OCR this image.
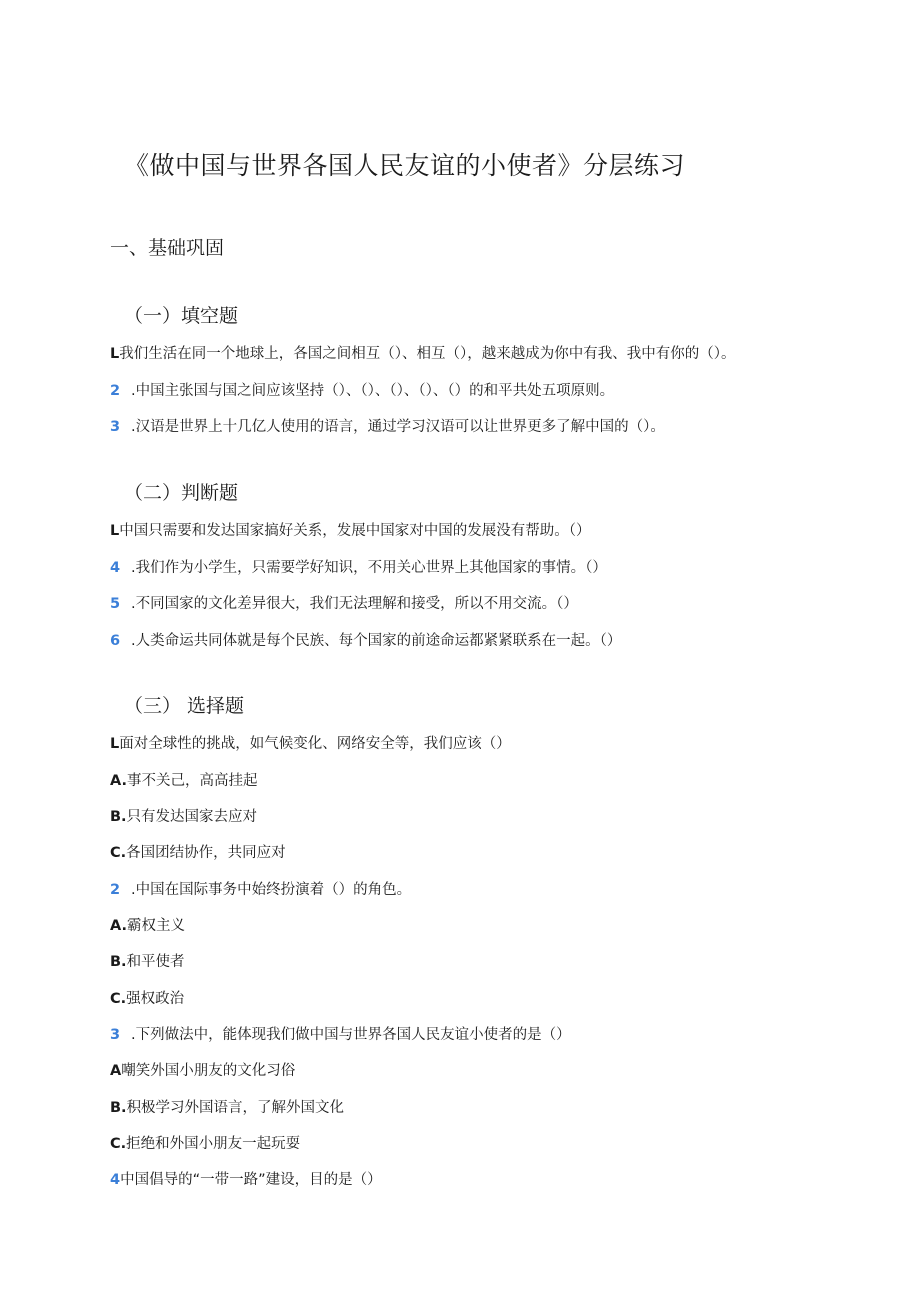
《做中国与世界各国人民友谊的小使者》分层练习
一、基础巩固
（一）填空题
L我们生活在同一个地球上，各国之间相互（）、相互（），越来越成为你中有我、我中有你的（）。
2 .中国主张国与国之间应该坚持（）、（）、（）、（）、（）的和平共处五项原则。
3 .汉语是世界上十几亿人使用的语言，通过学习汉语可以让世界更多了解中国的（）。
（二）判断题
L中国只需要和发达国家搞好关系，发展中国家对中国的发展没有帮助。（）
4 .我们作为小学生，只需要学好知识，不用关心世界上其他国家的事情。（）
5 .不同国家的文化差异很大，我们无法理解和接受，所以不用交流。（）
6 .人类命运共同体就是每个民族、每个国家的前途命运都紧紧联系在一起。（）
（三） 选择题
L面对全球性的挑战，如气候变化、网络安全等，我们应该（）
A.事不关己，高高挂起
B.只有发达国家去应对
C.各国团结协作，共同应对
2 .中国在国际事务中始终扮演着（）的角色。
A.霸权主义
B.和平使者
C.强权政治
3 .下列做法中，能体现我们做中国与世界各国人民友谊小使者的是（）
A嘲笑外国小朋友的文化习俗
B.积极学习外国语言，了解外国文化
C.拒绝和外国小朋友一起玩耍
4中国倡导的“一带一路”建设，目的是（）
